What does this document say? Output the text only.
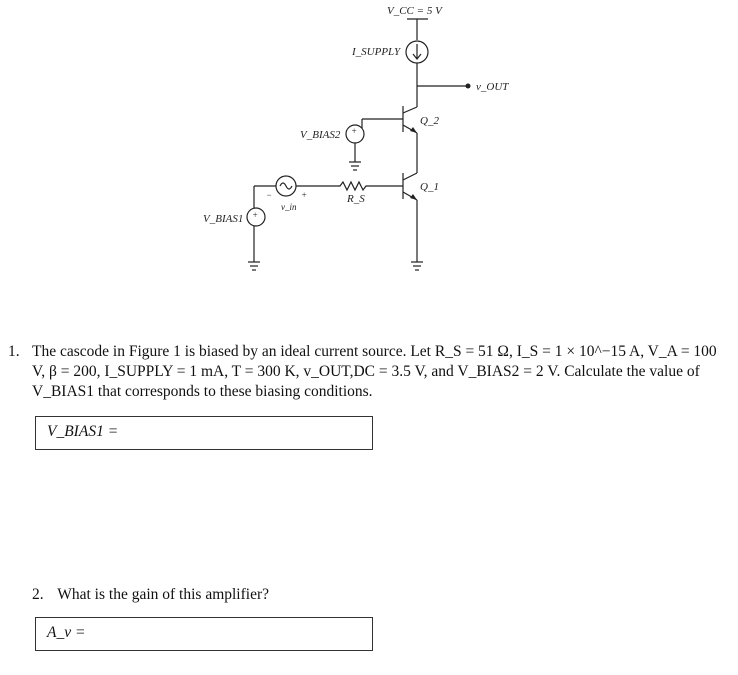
V_CC = 5 V
I_SUPPLY
v_OUT
Q_2
Q_1
V_BIAS2
V_BIAS1
R_S
v_in
+
+
+
−
1. The cascode in Figure 1 is biased by an ideal current source. Let R_S = 51 Ω, I_S = 1 × 10^−15 A, V_A = 100 V, β = 200, I_SUPPLY = 1 mA, T = 300 K, v_OUT,DC = 3.5 V, and V_BIAS2 = 2 V. Calculate the value of V_BIAS1 that corresponds to these biasing conditions.
V_BIAS1 =
2. What is the gain of this amplifier?
A_v =
